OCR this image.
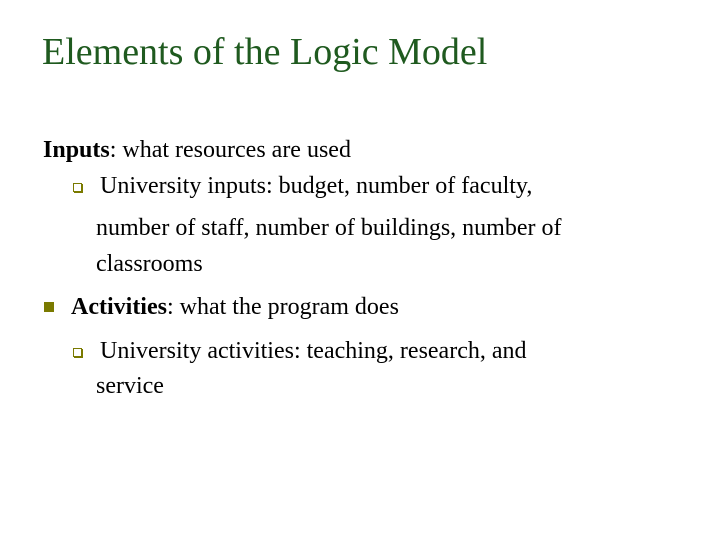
Elements of the Logic Model
Inputs: what resources are used
University inputs: budget, number of faculty,
number of staff, number of buildings, number of
classrooms
Activities: what the program does
University activities: teaching, research, and
service
